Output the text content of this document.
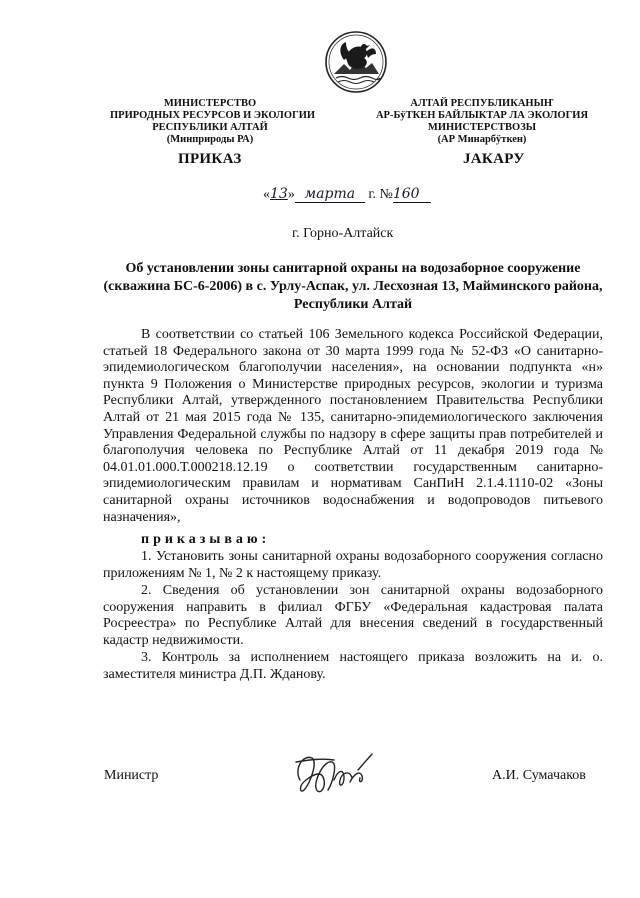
МИНИСТЕРСТВО
ПРИРОДНЫХ РЕСУРСОВ И ЭКОЛОГИИ
РЕСПУБЛИКИ АЛТАЙ
(Минприроды РА)
АЛТАЙ РЕСПУБЛИКАНЫҤ
АР-БÿТКЕН БАЙЛЫКТАР ЛА ЭКОЛОГИЯ
МИНИСТЕРСТВОЗЫ
(АР Минарбÿткен)
ПРИКАЗ	JАКАРУ
«13» марта г. №160
г. Горно-Алтайск
Об установлении зоны санитарной охраны на водозаборное сооружение (скважина БС-6-2006) в с. Урлу-Аспак, ул. Лесхозная 13, Майминского района, Республики Алтай
В соответствии со статьей 106 Земельного кодекса Российской Федерации, статьей 18 Федерального закона от 30 марта 1999 года № 52-ФЗ «О санитарно-эпидемиологическом благополучии населения», на основании подпункта «н» пункта 9 Положения о Министерстве природных ресурсов, экологии и туризма Республики Алтай, утвержденного постановлением Правительства Республики Алтай от 21 мая 2015 года № 135, санитарно-эпидемиологического заключения Управления Федеральной службы по надзору в сфере защиты прав потребителей и благополучия человека по Республике Алтай от 11 декабря 2019 года № 04.01.01.000.Т.000218.12.19 о соответствии государственным санитарно-эпидемиологическим правилам и нормативам СанПиН 2.1.4.1110-02 «Зоны санитарной охраны источников водоснабжения и водопроводов питьевого назначения»,
приказываю:
1. Установить зоны санитарной охраны водозаборного сооружения согласно приложениям № 1, № 2 к настоящему приказу.
2. Сведения об установлении зон санитарной охраны водозаборного сооружения направить в филиал ФГБУ «Федеральная кадастровая палата Росреестра» по Республике Алтай для внесения сведений в государственный кадастр недвижимости.
3. Контроль за исполнением настоящего приказа возложить на и. о. заместителя министра Д.П. Жданову.
Министр	А.И. Сумачаков
